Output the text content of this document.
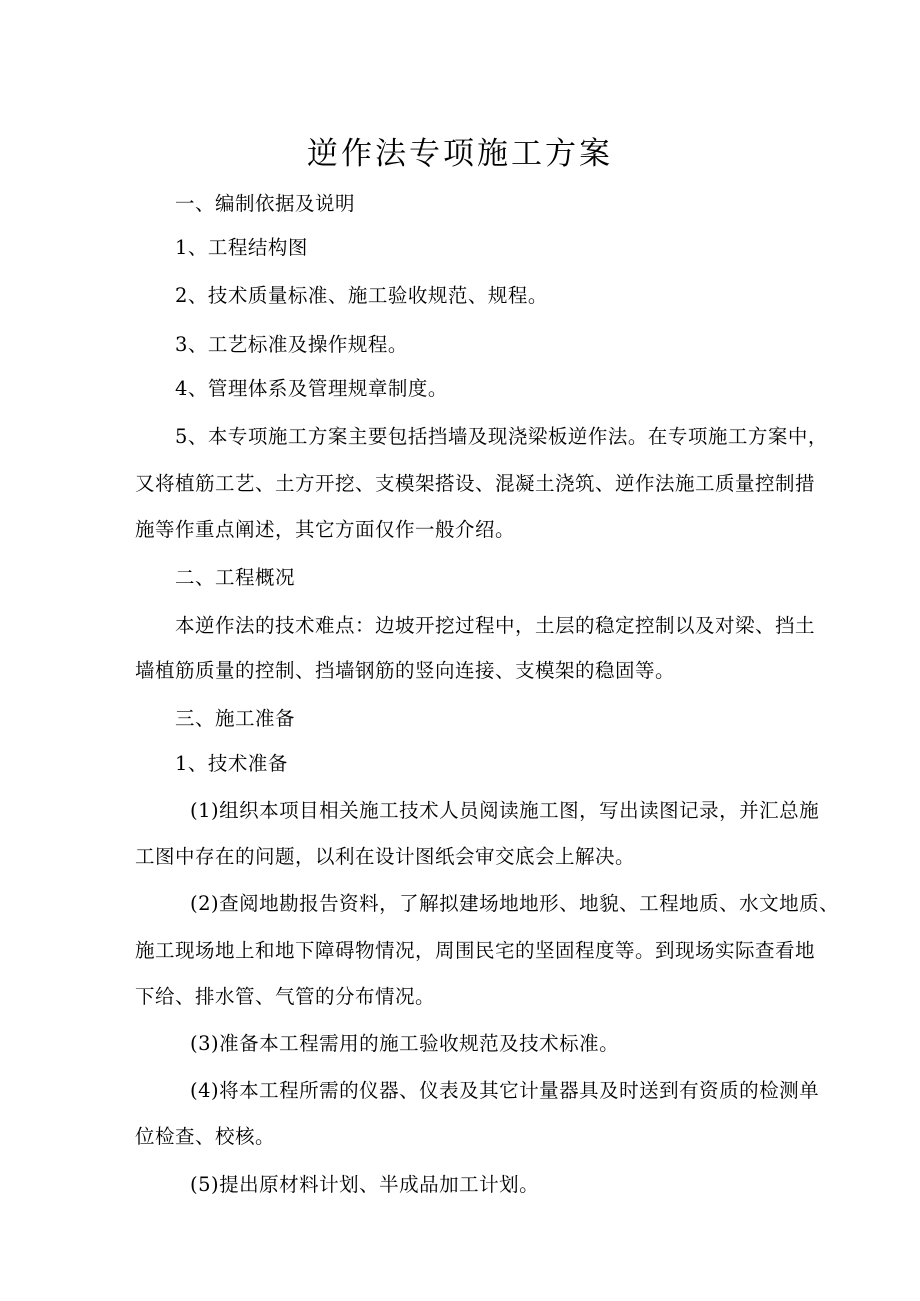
逆作法专项施工方案
一、编制依据及说明
1、工程结构图
2、技术质量标准、施工验收规范、规程。
3、工艺标准及操作规程。
4、管理体系及管理规章制度。
5、本专项施工方案主要包括挡墙及现浇梁板逆作法。在专项施工方案中，
又将植筋工艺、土方开挖、支模架搭设、混凝土浇筑、逆作法施工质量控制措
施等作重点阐述，其它方面仅作一般介绍。
二、工程概况
本逆作法的技术难点：边坡开挖过程中，土层的稳定控制以及对梁、挡土
墙植筋质量的控制、挡墙钢筋的竖向连接、支模架的稳固等。
三、施工准备
1、技术准备
(1)组织本项目相关施工技术人员阅读施工图，写出读图记录，并汇总施
工图中存在的问题，以利在设计图纸会审交底会上解决。
(2)查阅地勘报告资料，了解拟建场地地形、地貌、工程地质、水文地质、
施工现场地上和地下障碍物情况，周围民宅的坚固程度等。到现场实际查看地
下给、排水管、气管的分布情况。
(3)准备本工程需用的施工验收规范及技术标准。
(4)将本工程所需的仪器、仪表及其它计量器具及时送到有资质的检测单
位检查、校核。
(5)提出原材料计划、半成品加工计划。
